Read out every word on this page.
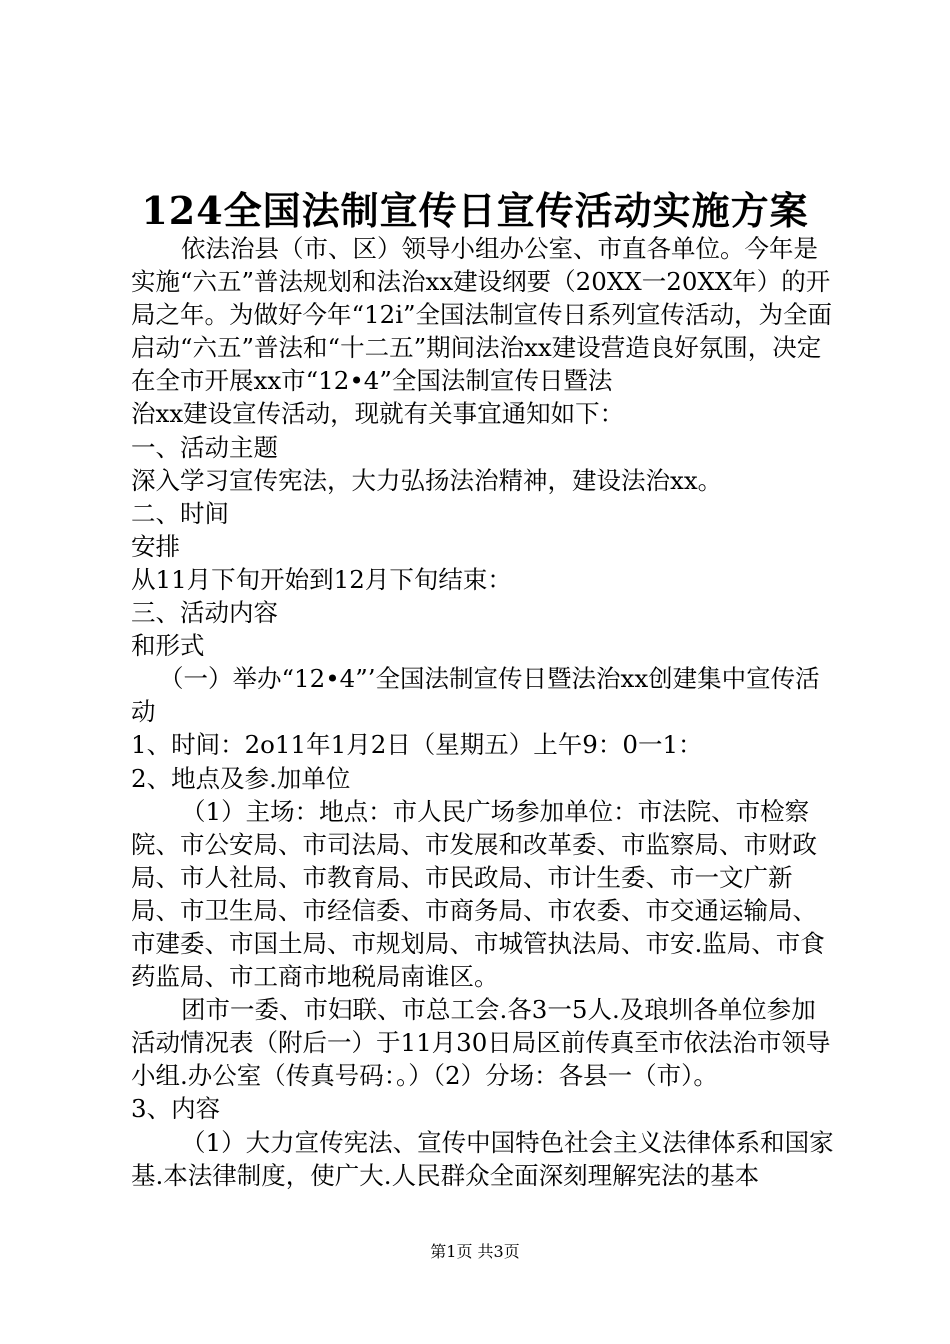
124全国法制宣传日宣传活动实施方案

依法治县（市、区）领导小组办公室、市直各单位。今年是实施“六五”普法规划和法治xx建设纲要（20XX一20XX年）的开局之年。为做好今年“12i”全国法制宣传日系列宣传活动，为全面启动“六五”普法和“十二五”期间法治xx建设营造良好氛围，决定在全市开展xx市“12•4”全国法制宣传日暨法

治xx建设宣传活动，现就有关事宜通知如下：

一、活动主题

深入学习宣传宪法，大力弘扬法治精神，建设法治xx。

二、时间

安排

从11月下旬开始到12月下旬结束：

三、活动内容

和形式

（一）举办“12•4”’全国法制宣传日暨法治xx创建集中宣传活动

1、时间：2o11年1月2日（星期五）上午9：0一1：

2、地点及参.加单位

（1）主场：地点：市人民广场参加单位：市法院、市检察院、市公安局、市司法局、市发展和改革委、市监察局、市财政局、市人社局、市教育局、市民政局、市计生委、市一文广新局、市卫生局、市经信委、市商务局、市农委、市交通运输局、市建委、市国土局、市规划局、市城管执法局、市安.监局、市食药监局、市工商市地税局南谁区。

团市一委、市妇联、市总工会.各3一5人.及琅圳各单位参加活动情况表（附后一）于11月30日局区前传真至市依法治市领导小组.办公室（传真号码：。）（2）分场：各县一（市）。

3、内容

（1）大力宣传宪法、宣传中国特色社会主义法律体系和国家基.本法律制度，使广大.人民群众全面深刻理解宪法的基本

第1页 共3页
